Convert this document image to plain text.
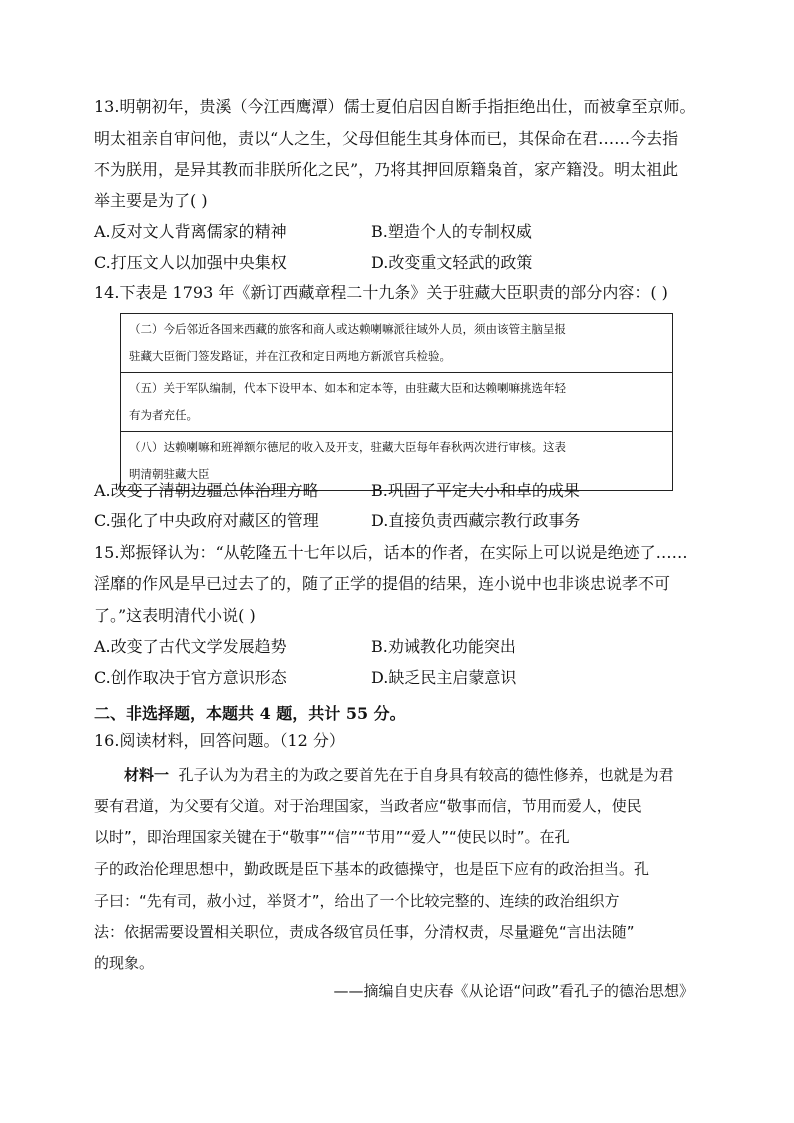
13.明朝初年，贵溪（今江西鹰潭）儒士夏伯启因自断手指拒绝出仕，而被拿至京师。
明太祖亲自审问他，责以“人之生，父母但能生其身体而已，其保命在君……今去指
不为朕用，是异其教而非朕所化之民”，乃将其押回原籍枭首，家产籍没。明太祖此
举主要是为了( )
A.反对文人背离儒家的精神	B.塑造个人的专制权威
C.打压文人以加强中央集权	D.改变重文轻武的政策
14.下表是 1793 年《新订西藏章程二十九条》关于驻藏大臣职责的部分内容：( )
（二）今后邻近各国来西藏的旅客和商人或达赖喇嘛派往域外人员，须由该管主脑呈报
驻藏大臣衙门签发路证，并在江孜和定日两地方新派官兵检验。

（五）关于军队编制，代本下设甲本、如本和定本等，由驻藏大臣和达赖喇嘛挑选年轻
有为者充任。

（八）达赖喇嘛和班禅额尔德尼的收入及开支，驻藏大臣每年春秋两次进行审核。这表
明清朝驻藏大臣
A.改变了清朝边疆总体治理方略	B.巩固了平定大小和卓的成果
C.强化了中央政府对藏区的管理	D.直接负责西藏宗教行政事务
15.郑振铎认为：“从乾隆五十七年以后，话本的作者，在实际上可以说是绝迹了……
淫靡的作风是早已过去了的，随了正学的提倡的结果，连小说中也非谈忠说孝不可
了。”这表明清代小说( )
A.改变了古代文学发展趋势	B.劝诫教化功能突出
C.创作取决于官方意识形态	D.缺乏民主启蒙意识
二、非选择题，本题共 4 题，共计 55 分。
16.阅读材料，回答问题。（12 分）
材料一 孔子认为为君主的为政之要首先在于自身具有较高的德性修养，也就是为君
要有君道，为父要有父道。对于治理国家，当政者应“敬事而信，节用而爱人，使民
以时”，即治理国家关键在于“敬事”“信”“节用”“爱人”“使民以时”。在孔
子的政治伦理思想中，勤政既是臣下基本的政德操守，也是臣下应有的政治担当。孔
子曰：“先有司，赦小过，举贤才”，给出了一个比较完整的、连续的政治组织方
法：依据需要设置相关职位，责成各级官员任事，分清权责，尽量避免“言出法随”
的现象。
——摘编自史庆春《从论语“问政”看孔子的德治思想》
